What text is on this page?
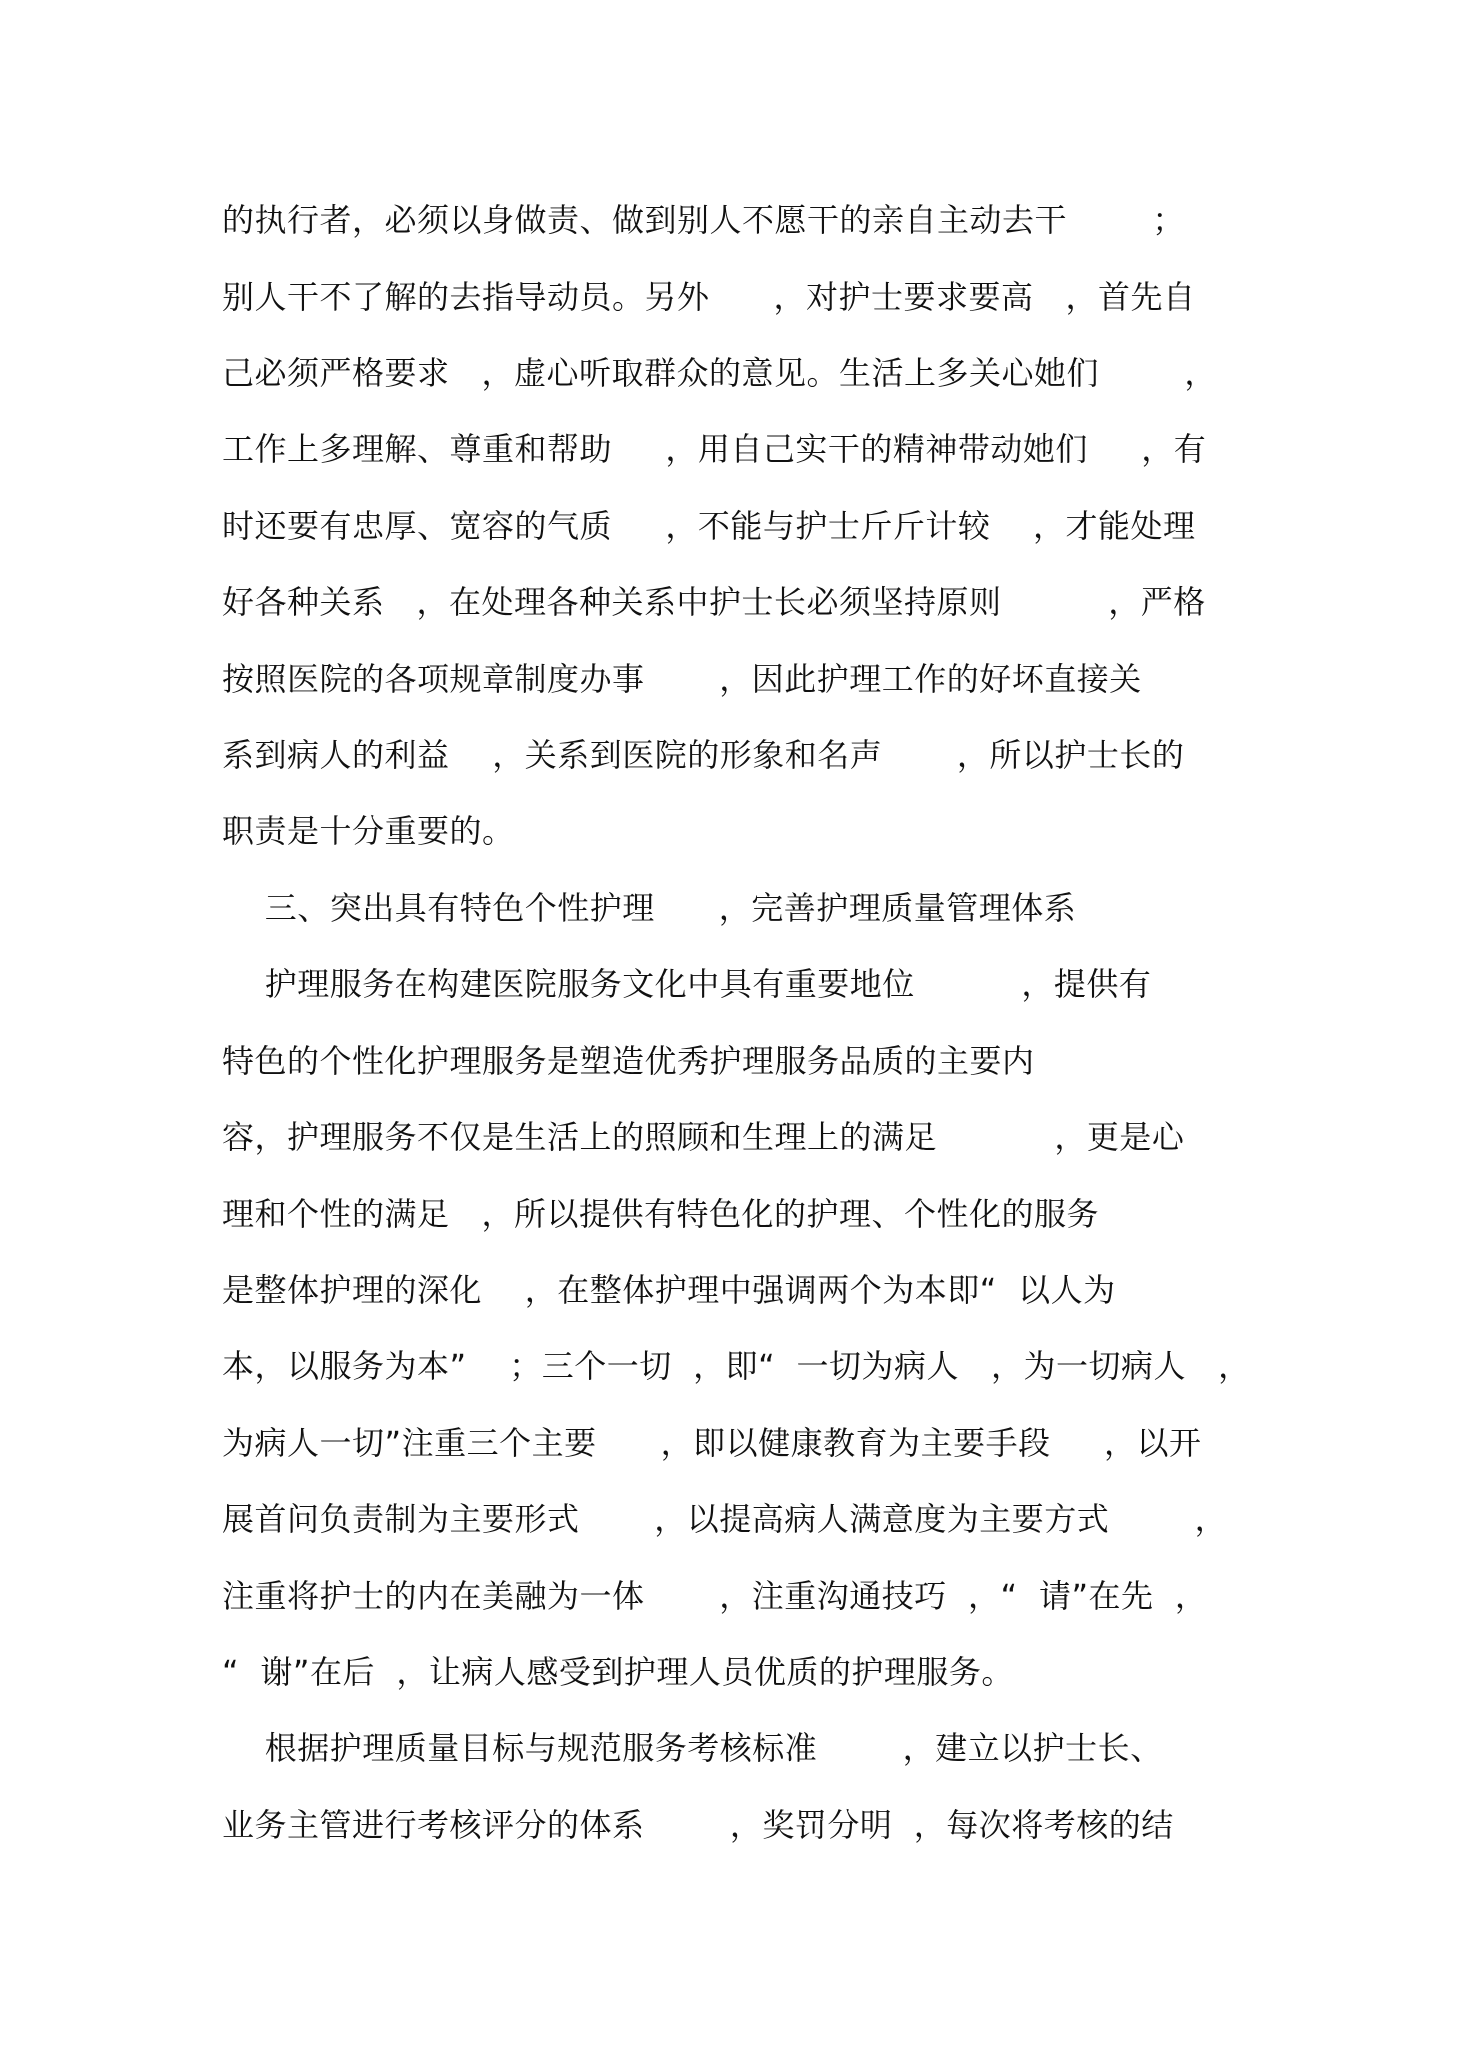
的执行者，必须以身做责、做到别人不愿干的亲自主动去干        ；
别人干不了解的去指导动员。另外      ，对护士要求要高   ，首先自
己必须严格要求   ，虚心听取群众的意见。生活上多关心她们        ，
工作上多理解、尊重和帮助     ，用自己实干的精神带动她们     ，有
时还要有忠厚、宽容的气质     ，不能与护士斤斤计较    ，才能处理
好各种关系   ，在处理各种关系中护士长必须坚持原则          ，严格
按照医院的各项规章制度办事       ，因此护理工作的好坏直接关
系到病人的利益    ，关系到医院的形象和名声       ，所以护士长的
职责是十分重要的。
三、突出具有特色个性护理      ，完善护理质量管理体系
护理服务在构建医院服务文化中具有重要地位          ，提供有
特色的个性化护理服务是塑造优秀护理服务品质的主要内
容，护理服务不仅是生活上的照顾和生理上的满足           ，更是心
理和个性的满足   ，所以提供有特色化的护理、个性化的服务
是整体护理的深化    ，在整体护理中强调两个为本即“  以人为
本，以服务为本”    ；三个一切  ，即“  一切为病人   ，为一切病人   ，
为病人一切”注重三个主要      ，即以健康教育为主要手段     ，以开
展首问负责制为主要形式       ，以提高病人满意度为主要方式        ，
注重将护士的内在美融为一体       ，注重沟通技巧  ，“  请”在先  ，
“  谢”在后  ，让病人感受到护理人员优质的护理服务。
根据护理质量目标与规范服务考核标准        ，建立以护士长、
业务主管进行考核评分的体系        ，奖罚分明  ，每次将考核的结
